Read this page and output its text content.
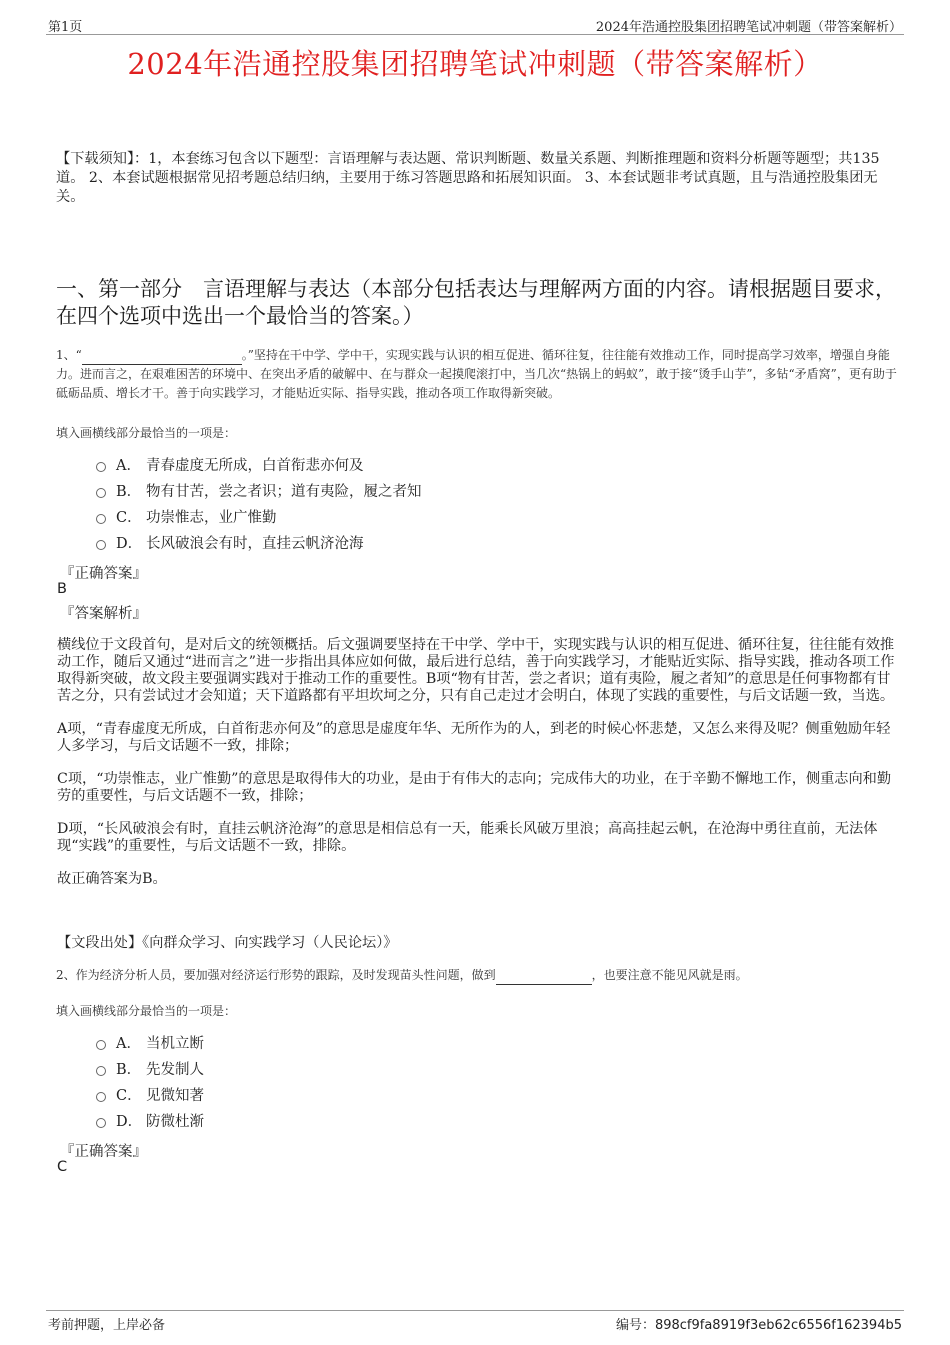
第1页	2024年浩通控股集团招聘笔试冲刺题（带答案解析）
2024年浩通控股集团招聘笔试冲刺题（带答案解析）
【下载须知】：1，本套练习包含以下题型：言语理解与表达题、常识判断题、数量关系题、判断推理题和资料分析题等题型；共135道。 2、本套试题根据常见招考题总结归纳，主要用于练习答题思路和拓展知识面。 3、本套试题非考试真题，且与浩通控股集团无关。
一、第一部分　言语理解与表达（本部分包括表达与理解两方面的内容。请根据题目要求，在四个选项中选出一个最恰当的答案。）
1、“	。”坚持在干中学、学中干，实现实践与认识的相互促进、循环往复，往往能有效推动工作，同时提高学习效率，增强自身能力。进而言之，在艰难困苦的环境中、在突出矛盾的破解中、在与群众一起摸爬滚打中，当几次“热锅上的蚂蚁”，敢于接“烫手山芋”，多钻“矛盾窝”，更有助于砥砺品质、增长才干。善于向实践学习，才能贴近实际、指导实践，推动各项工作取得新突破。
填入画横线部分最恰当的一项是：
A． 青春虚度无所成，白首衔悲亦何及
B． 物有甘苦，尝之者识；道有夷险，履之者知
C． 功崇惟志，业广惟勤
D． 长风破浪会有时，直挂云帆济沧海
『正确答案』
B
『答案解析』

横线位于文段首句，是对后文的统领概括。后文强调要坚持在干中学、学中干，实现实践与认识的相互促进、循环往复，往往能有效推动工作，随后又通过“进而言之”进一步指出具体应如何做，最后进行总结，善于向实践学习，才能贴近实际、指导实践，推动各项工作取得新突破，故文段主要强调实践对于推动工作的重要性。B项“物有甘苦，尝之者识；道有夷险，履之者知”的意思是任何事物都有甘苦之分，只有尝试过才会知道；天下道路都有平坦坎坷之分，只有自己走过才会明白，体现了实践的重要性，与后文话题一致，当选。

A项，“青春虚度无所成，白首衔悲亦何及”的意思是虚度年华、无所作为的人，到老的时候心怀悲楚，又怎么来得及呢？侧重勉励年轻人多学习，与后文话题不一致，排除；

C项，“功崇惟志，业广惟勤”的意思是取得伟大的功业，是由于有伟大的志向；完成伟大的功业，在于辛勤不懈地工作，侧重志向和勤劳的重要性，与后文话题不一致，排除；

D项，“长风破浪会有时，直挂云帆济沧海”的意思是相信总有一天，能乘长风破万里浪；高高挂起云帆，在沧海中勇往直前，无法体现“实践”的重要性，与后文话题不一致，排除。

故正确答案为B。

【文段出处】《向群众学习、向实践学习（人民论坛）》
2、作为经济分析人员，要加强对经济运行形势的跟踪，及时发现苗头性问题，做到	，也要注意不能见风就是雨。
填入画横线部分最恰当的一项是：
A． 当机立断
B． 先发制人
C． 见微知著
D． 防微杜渐
『正确答案』
C
考前押题，上岸必备	编号：898cf9fa8919f3eb62c6556f162394b5
